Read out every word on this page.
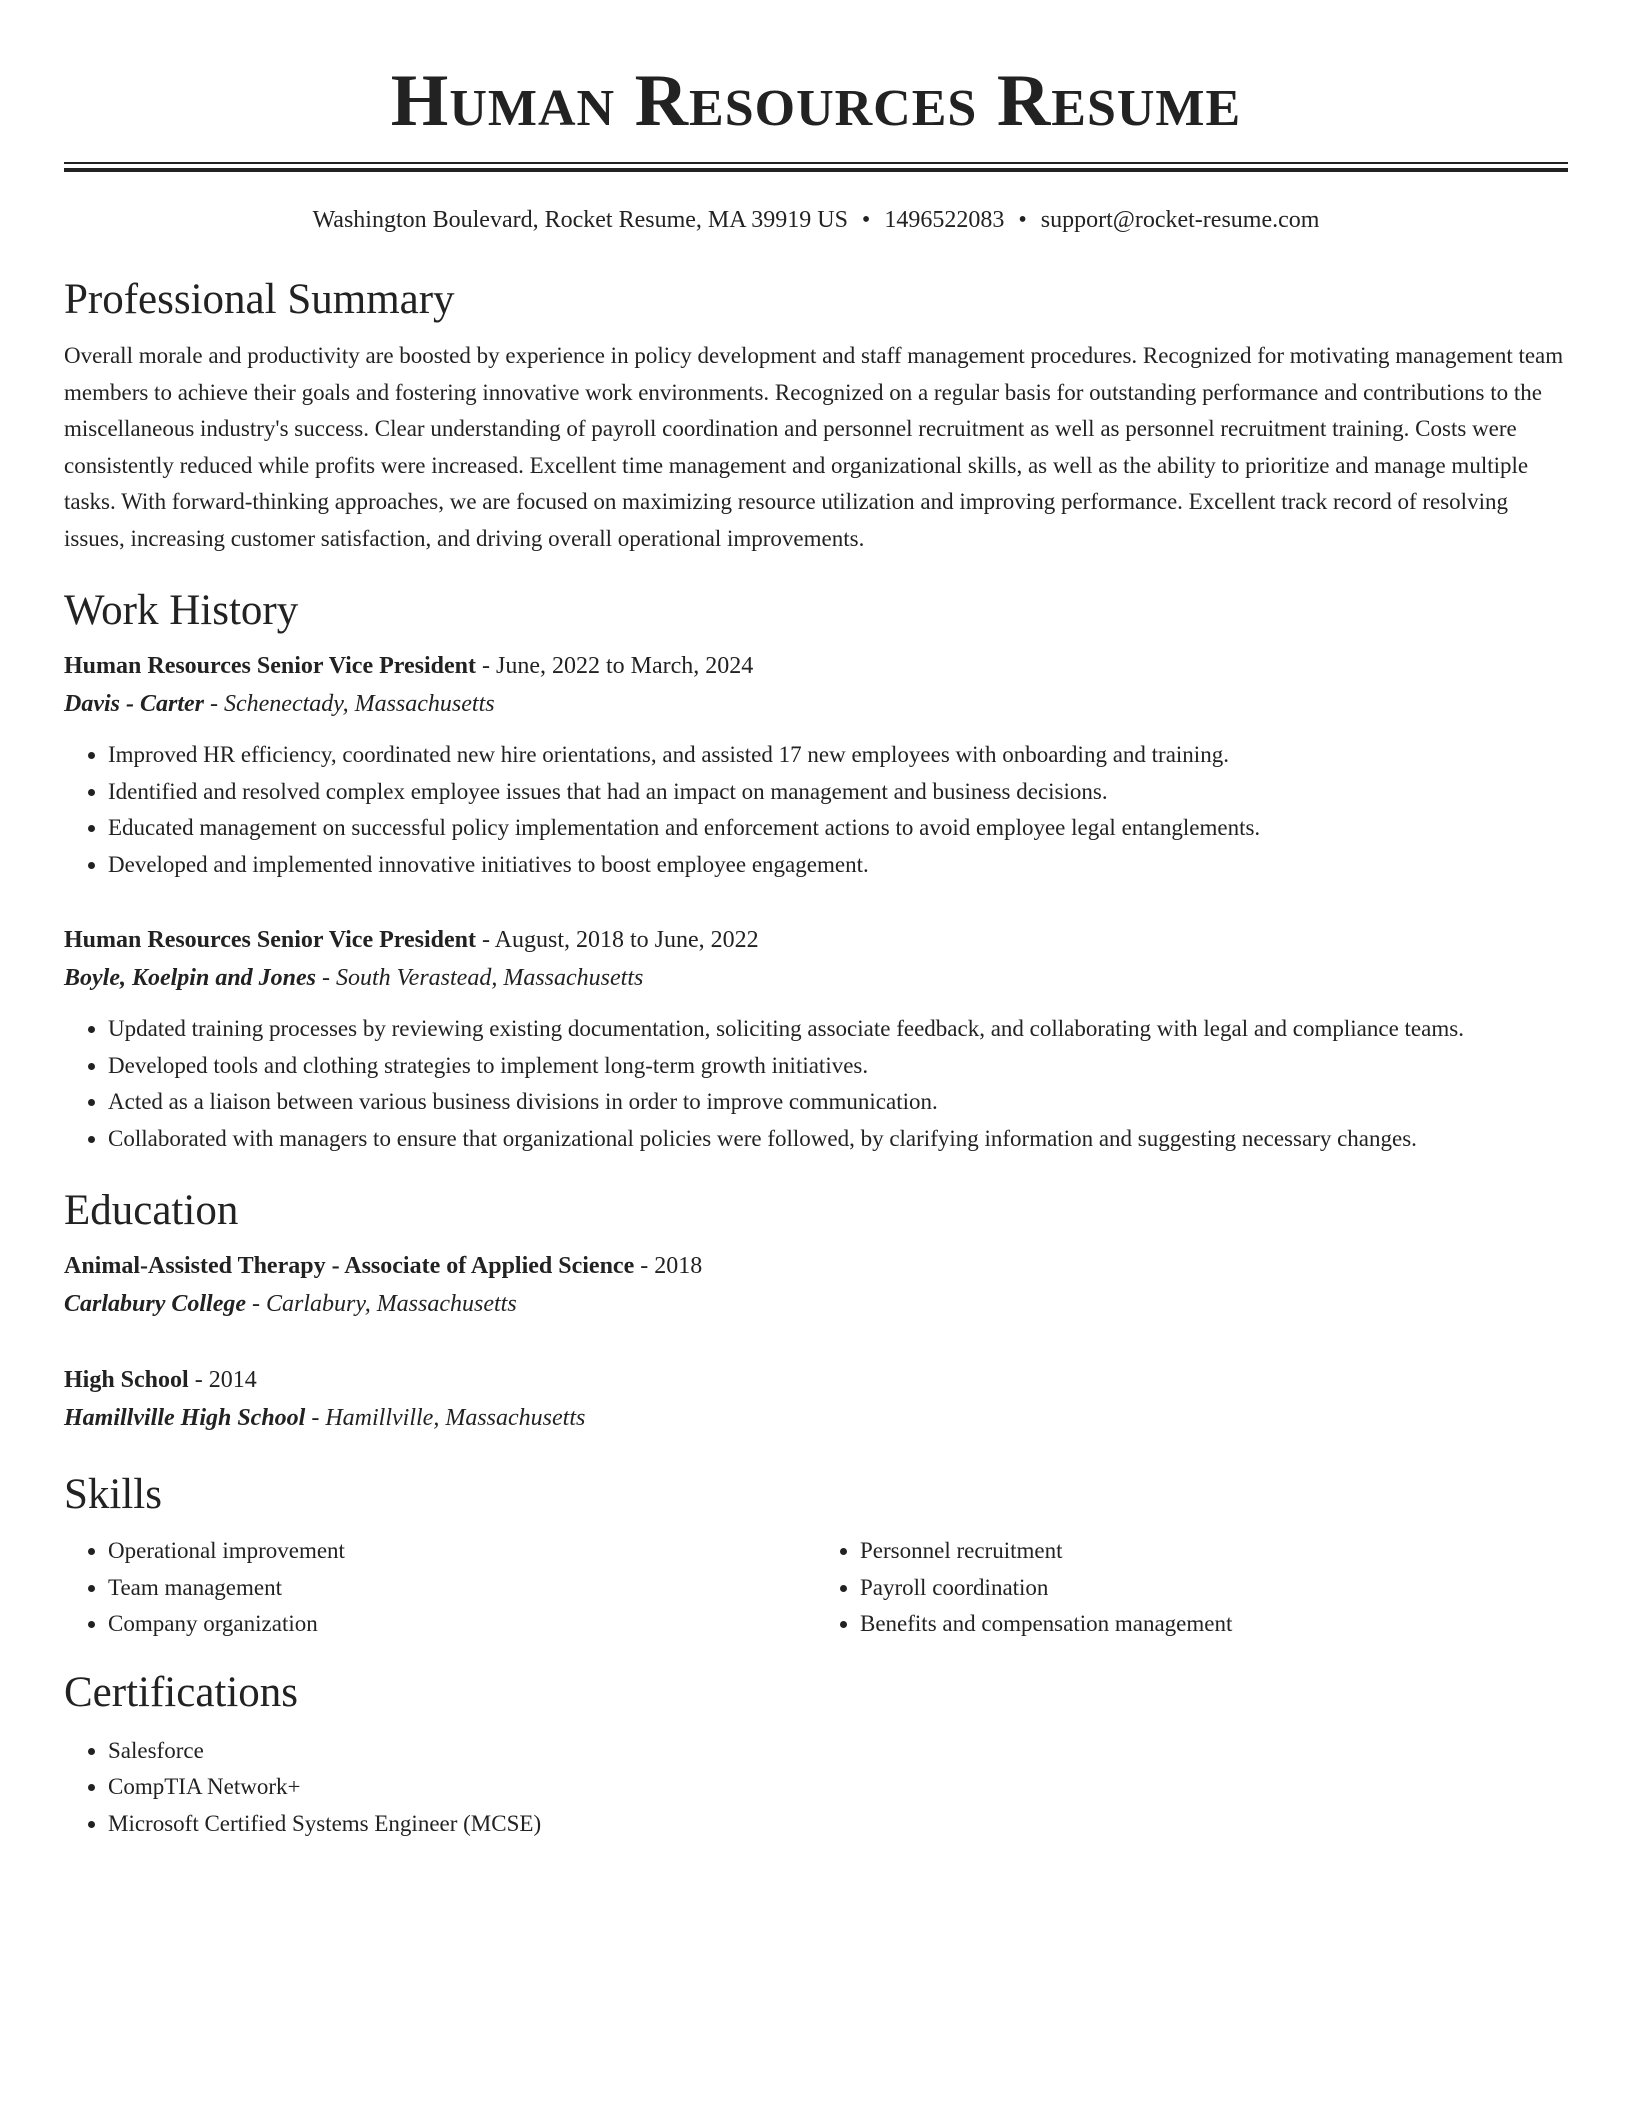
Human Resources Resume
Washington Boulevard, Rocket Resume, MA 39919 US • 1496522083 • support@rocket-resume.com
Professional Summary

Overall morale and productivity are boosted by experience in policy development and staff management procedures. Recognized for motivating management team members to achieve their goals and fostering innovative work environments. Recognized on a regular basis for outstanding performance and contributions to the miscellaneous industry's success. Clear understanding of payroll coordination and personnel recruitment as well as personnel recruitment training. Costs were consistently reduced while profits were increased. Excellent time management and organizational skills, as well as the ability to prioritize and manage multiple tasks. With forward-thinking approaches, we are focused on maximizing resource utilization and improving performance. Excellent track record of resolving issues, increasing customer satisfaction, and driving overall operational improvements.

Work History
Human Resources Senior Vice President - June, 2022 to March, 2024
Davis - Carter - Schenectady, Massachusetts
• Improved HR efficiency, coordinated new hire orientations, and assisted 17 new employees with onboarding and training.
• Identified and resolved complex employee issues that had an impact on management and business decisions.
• Educated management on successful policy implementation and enforcement actions to avoid employee legal entanglements.
• Developed and implemented innovative initiatives to boost employee engagement.
Human Resources Senior Vice President - August, 2018 to June, 2022
Boyle, Koelpin and Jones - South Verastead, Massachusetts
• Updated training processes by reviewing existing documentation, soliciting associate feedback, and collaborating with legal and compliance teams.
• Developed tools and clothing strategies to implement long-term growth initiatives.
• Acted as a liaison between various business divisions in order to improve communication.
• Collaborated with managers to ensure that organizational policies were followed, by clarifying information and suggesting necessary changes.
Education
Animal-Assisted Therapy - Associate of Applied Science - 2018
Carlabury College - Carlabury, Massachusetts
High School - 2014
Hamillville High School - Hamillville, Massachusetts
Skills
• Operational improvement
• Team management
• Company organization
• Personnel recruitment
• Payroll coordination
• Benefits and compensation management
Certifications
• Salesforce
• CompTIA Network+
• Microsoft Certified Systems Engineer (MCSE)
